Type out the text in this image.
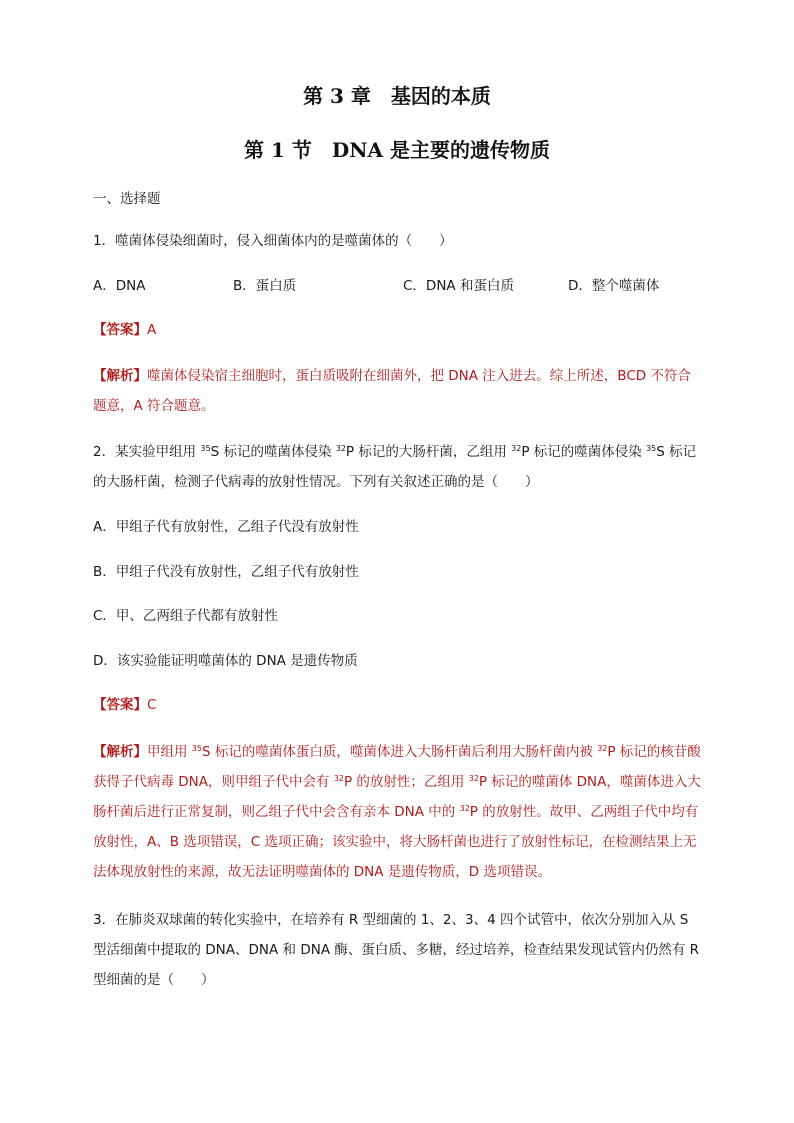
第 3 章　基因的本质
第 1 节　DNA 是主要的遗传物质
一、选择题
1．噬菌体侵染细菌时，侵入细菌体内的是噬菌体的（　　）
A．DNA	B．蛋白质	C．DNA 和蛋白质	D．整个噬菌体
【答案】A
【解析】噬菌体侵染宿主细胞时，蛋白质吸附在细菌外，把 DNA 注入进去。综上所述，BCD 不符合题意，A 符合题意。
2．某实验甲组用 $^{35}$S 标记的噬菌体侵染 $^{32}$P 标记的大肠杆菌，乙组用 $^{32}$P 标记的噬菌体侵染 $^{35}$S 标记的大肠杆菌，检测子代病毒的放射性情况。下列有关叙述正确的是（　　）
A．甲组子代有放射性，乙组子代没有放射性
B．甲组子代没有放射性，乙组子代有放射性
C．甲、乙两组子代都有放射性
D．该实验能证明噬菌体的 DNA 是遗传物质
【答案】C
【解析】甲组用 $^{35}$S 标记的噬菌体蛋白质，噬菌体进入大肠杆菌后利用大肠杆菌内被 $^{32}$P 标记的核苷酸获得子代病毒 DNA，则甲组子代中会有 $^{32}$P 的放射性；乙组用 $^{32}$P 标记的噬菌体 DNA，噬菌体进入大肠杆菌后进行正常复制，则乙组子代中会含有亲本 DNA 中的 $^{32}$P 的放射性。故甲、乙两组子代中均有放射性，A、B 选项错误，C 选项正确；该实验中，将大肠杆菌也进行了放射性标记，在检测结果上无法体现放射性的来源，故无法证明噬菌体的 DNA 是遗传物质，D 选项错误。
3．在肺炎双球菌的转化实验中，在培养有 R 型细菌的 1、2、3、4 四个试管中，依次分别加入从 S 型活细菌中提取的 DNA、DNA 和 DNA 酶、蛋白质、多糖，经过培养，检查结果发现试管内仍然有 R 型细菌的是（　　）
